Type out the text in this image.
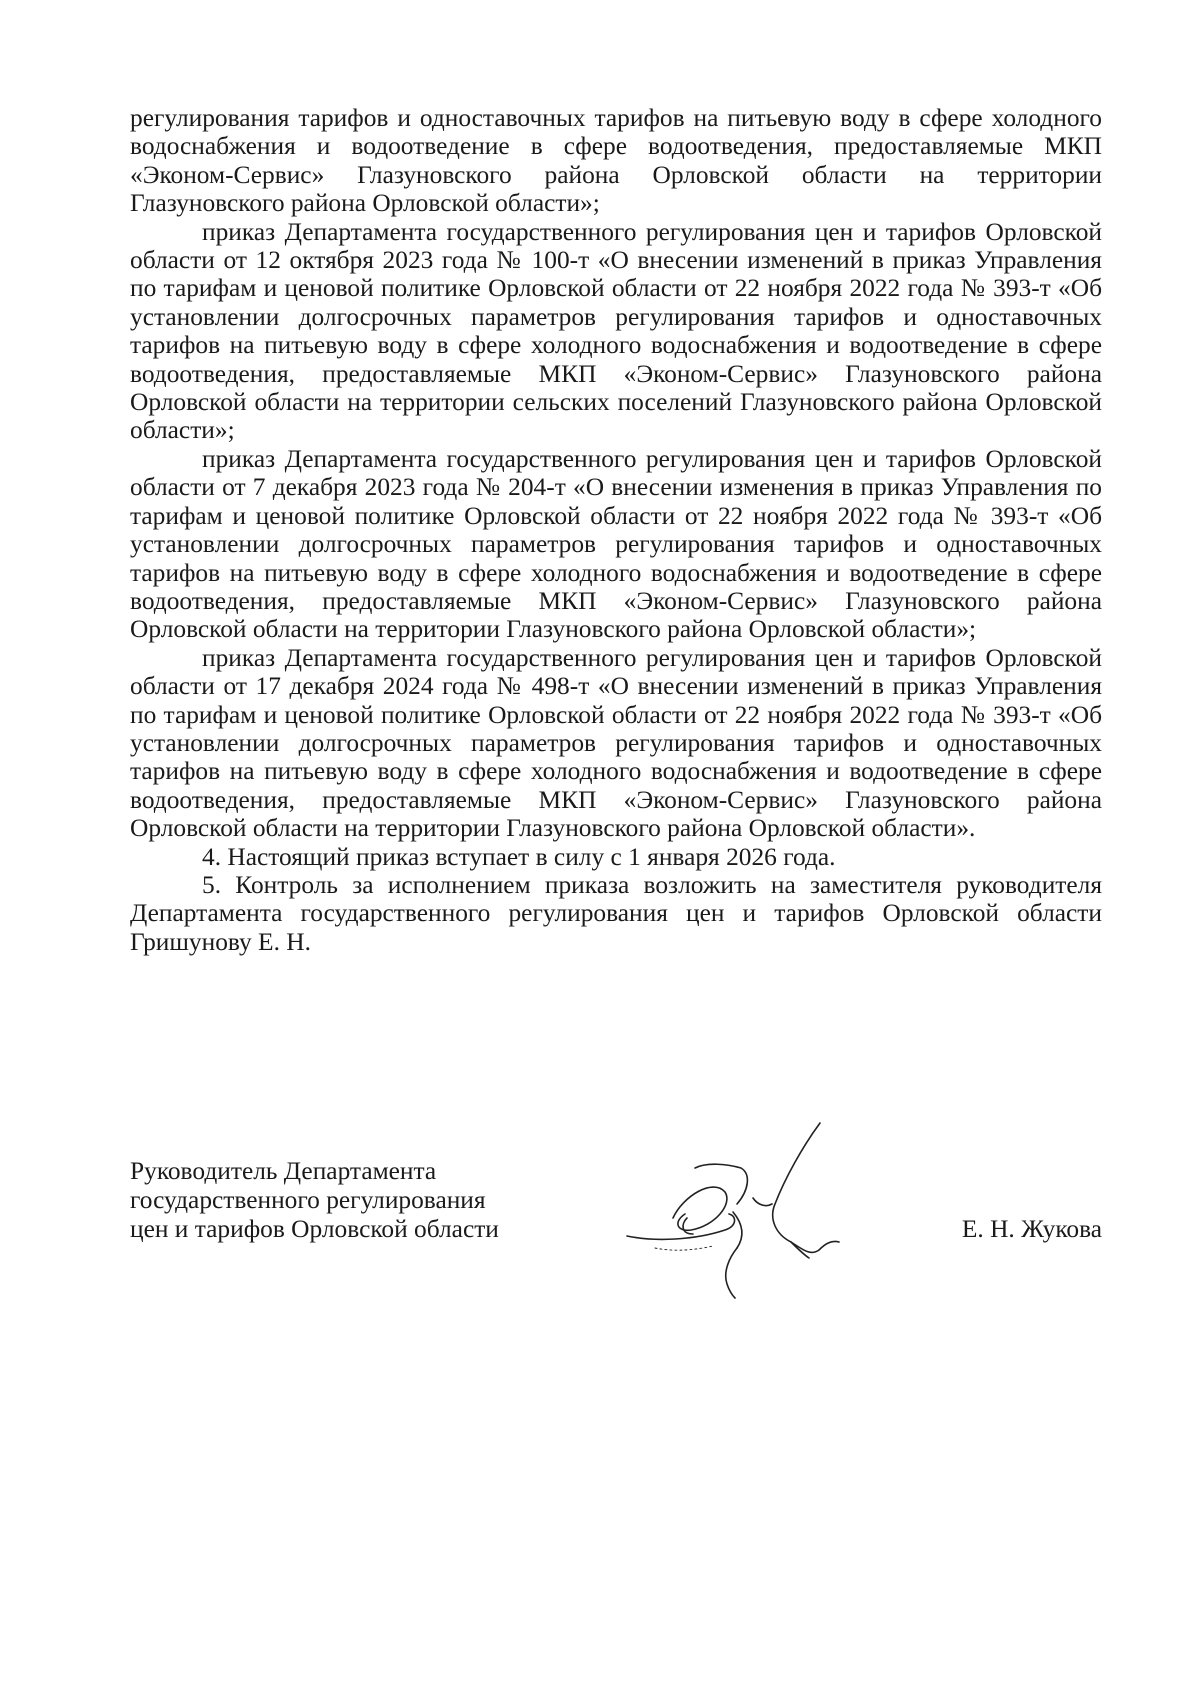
регулирования тарифов и одноставочных тарифов на питьевую воду в сфере холодного водоснабжения и водоотведение в сфере водоотведения, предоставляемые МКП «Эконом-Сервис» Глазуновского района Орловской области на территории Глазуновского района Орловской области»;

приказ Департамента государственного регулирования цен и тарифов Орловской области от 12 октября 2023 года № 100-т «О внесении изменений в приказ Управления по тарифам и ценовой политике Орловской области от 22 ноября 2022 года № 393-т «Об установлении долгосрочных параметров регулирования тарифов и одноставочных тарифов на питьевую воду в сфере холодного водоснабжения и водоотведение в сфере водоотведения, предоставляемые МКП «Эконом-Сервис» Глазуновского района Орловской области на территории сельских поселений Глазуновского района Орловской области»;

приказ Департамента государственного регулирования цен и тарифов Орловской области от 7 декабря 2023 года № 204-т «О внесении изменения в приказ Управления по тарифам и ценовой политике Орловской области от 22 ноября 2022 года № 393-т «Об установлении долгосрочных параметров регулирования тарифов и одноставочных тарифов на питьевую воду в сфере холодного водоснабжения и водоотведение в сфере водоотведения, предоставляемые МКП «Эконом-Сервис» Глазуновского района Орловской области на территории Глазуновского района Орловской области»;

приказ Департамента государственного регулирования цен и тарифов Орловской области от 17 декабря 2024 года № 498-т «О внесении изменений в приказ Управления по тарифам и ценовой политике Орловской области от 22 ноября 2022 года № 393-т «Об установлении долгосрочных параметров регулирования тарифов и одноставочных тарифов на питьевую воду в сфере холодного водоснабжения и водоотведение в сфере водоотведения, предоставляемые МКП «Эконом-Сервис» Глазуновского района Орловской области на территории Глазуновского района Орловской области».

4. Настоящий приказ вступает в силу с 1 января 2026 года.

5. Контроль за исполнением приказа возложить на заместителя руководителя Департамента государственного регулирования цен и тарифов Орловской области Гришунову Е. Н.

Руководитель Департамента
государственного регулирования
цен и тарифов Орловской области	Е. Н. Жукова
